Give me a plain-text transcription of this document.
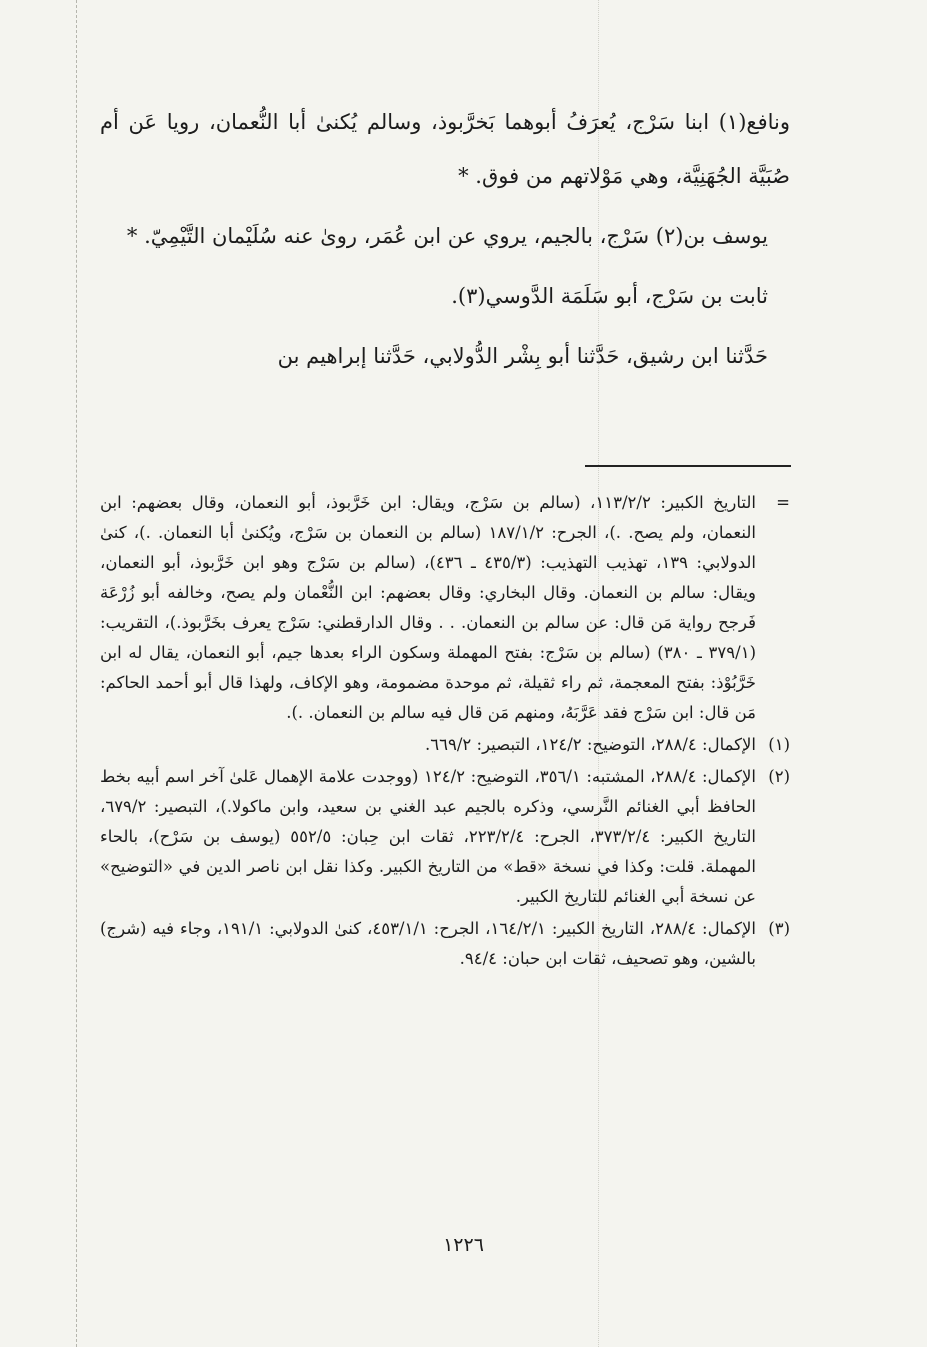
ونافع(١) ابنا سَرْج، يُعرَفُ أبوهما بَخرَّبوذ، وسالم يُكنىٰ أبا النُّعمان، رويا عَن أم صُبَيَّة الجُهَنِيَّة، وهي مَوْلاتهم من فوق. *

يوسف بن(٢) سَرْج، بالجيم، يروي عن ابن عُمَر، روىٰ عنه سُلَيْمان التَّيْمِيّ. *

ثابت بن سَرْج، أبو سَلَمَة الدَّوسي(٣).

حَدَّثنا ابن رشيق، حَدَّثنا أبو بِشْر الدُّولابي، حَدَّثنا إبراهيم بن

=
التاريخ الكبير: ١١٣/٢/٢، (سالم بن سَرْج، ويقال: ابن خَرَّبوذ، أبو النعمان، وقال بعضهم: ابن النعمان، ولم يصح. .)، الجرح: ١٨٧/١/٢ (سالم بن النعمان بن سَرْج، ويُكنىٰ أبا النعمان. .)، كنىٰ الدولابي: ١٣٩، تهذيب التهذيب: (٤٣٥/٣ ـ ٤٣٦)، (سالم بن سَرْج وهو ابن خَرَّبوذ، أبو النعمان، ويقال: سالم بن النعمان. وقال البخاري: وقال بعضهم: ابن النُّعْمان ولم يصح، وخالفه أبو زُرْعَة فَرجح رواية مَن قال: عن سالم بن النعمان. . . وقال الدارقطني: سَرْج يعرف بخَرَّبوذ.)، التقريب: (٣٧٩/١ ـ ٣٨٠) (سالم بن سَرْج: بفتح المهملة وسكون الراء بعدها جيم، أبو النعمان، يقال له ابن خَرَّبُوْذ: بفتح المعجمة، ثم راء ثقيلة، ثم موحدة مضمومة، وهو الإكاف، ولهذا قال أبو أحمد الحاكم: مَن قال: ابن سَرْج فقد عَرَّبَهُ، ومنهم مَن قال فيه سالم بن النعمان. .).
(١)
الإكمال: ٢٨٨/٤، التوضيح: ١٢٤/٢، التبصير: ٦٦٩/٢.
(٢)
الإكمال: ٢٨٨/٤، المشتبه: ٣٥٦/١، التوضيح: ١٢٤/٢ (ووجدت علامة الإهمال عَلىٰ آخر اسم أبيه بخط الحافظ أبي الغنائم النَّرسي، وذكره بالجيم عبد الغني بن سعيد، وابن ماكولا.)، التبصير: ٦٧٩/٢، التاريخ الكبير: ٣٧٣/٢/٤، الجرح: ٢٢٣/٢/٤، ثقات ابن حِبان: ٥٥٢/٥ (يوسف بن سَرْح)، بالحاء المهملة. قلت: وكذا في نسخة «قط» من التاريخ الكبير. وكذا نقل ابن ناصر الدين في «التوضيح» عن نسخة أبي الغنائم للتاريخ الكبير.
(٣)
الإكمال: ٢٨٨/٤، التاريخ الكبير: ١٦٤/٢/١، الجرح: ٤٥٣/١/١، كنىٰ الدولابي: ١٩١/١، وجاء فيه (شرج) بالشين، وهو تصحيف، ثقات ابن حبان: ٩٤/٤.
١٢٢٦
